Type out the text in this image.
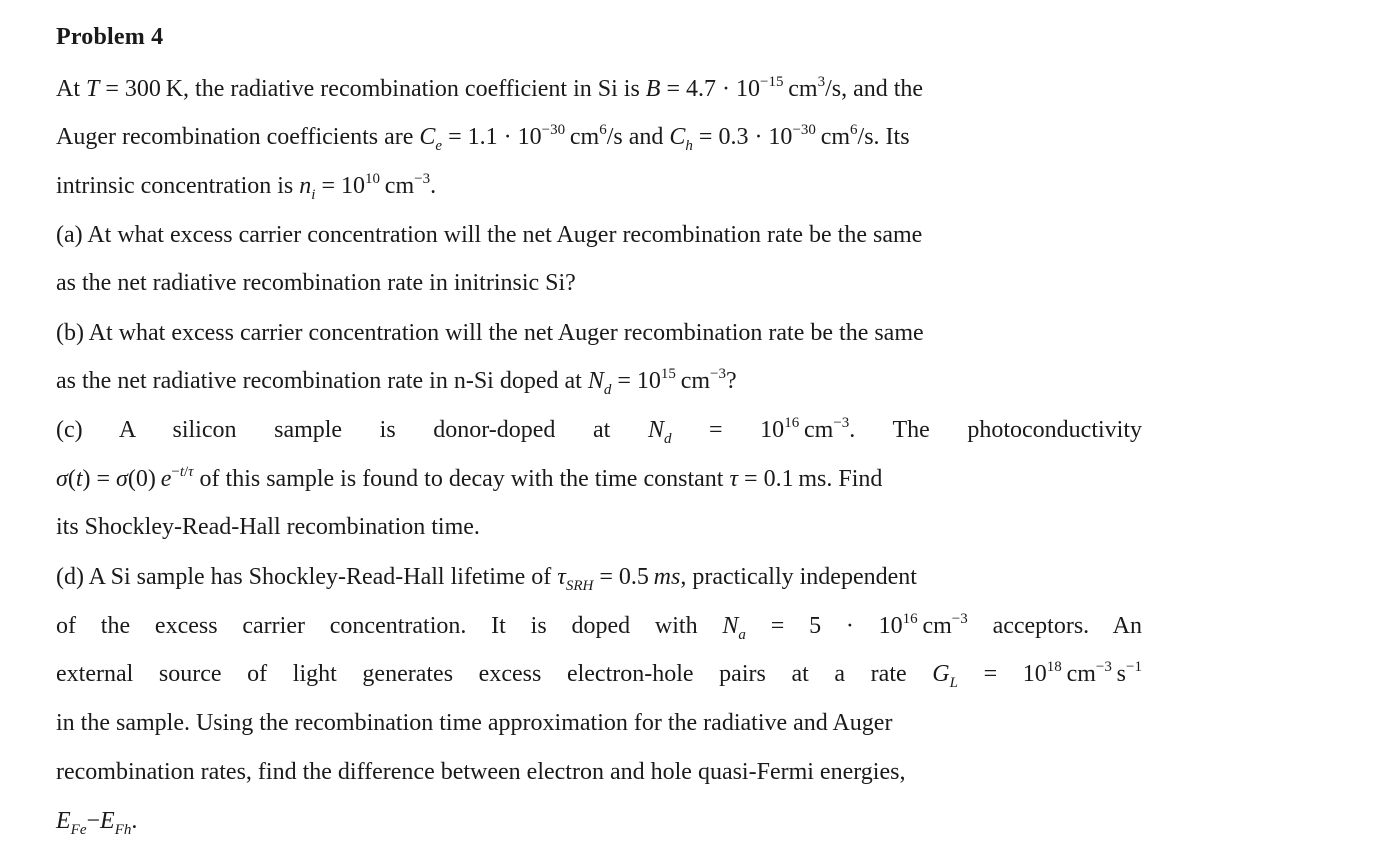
Problem 4
At T = 300 K, the radiative recombination coefficient in Si is $B = 4.7 \cdot 10^{-15}$ $cm^3/s$, and the
Auger recombination coefficients are $C_e = 1.1 \cdot 10^{-30}$ $cm^6/s$ and $C_h = 0.3 \cdot 10^{-30}$ $cm^6/s$. Its
intrinsic concentration is $n_i = 10^{10}$ $cm^{-3}$.
(a) At what excess carrier concentration will the net Auger recombination rate be the same
as the net radiative recombination rate in initrinsic Si?
(b) At what excess carrier concentration will the net Auger recombination rate be the same
as the net radiative recombination rate in n-Si doped at $N_d = 10^{15}$ $cm^{-3}$?
(c) A silicon sample is donor-doped at $N_d = 10^{16}$ $cm^{-3}$. The photoconductivity
σ(t) = σ(0) $e^{-t/\tau}$ of this sample is found to decay with the time constant τ = 0.1 ms. Find
its Shockley-Read-Hall recombination time.
(d) A Si sample has Shockley-Read-Hall lifetime of $\tau_{SRH} = 0.5$ ms, practically independent
of the excess carrier concentration. It is doped with $N_a = 5 \cdot 10^{16}$ $cm^{-3}$ acceptors. An
external source of light generates excess electron-hole pairs at a rate $G_L = 10^{18}$ $cm^{-3}$ $s^{-1}$
in the sample. Using the recombination time approximation for the radiative and Auger
recombination rates, find the difference between electron and hole quasi-Fermi energies,
$E_{Fe}-E_{Fh}$.
